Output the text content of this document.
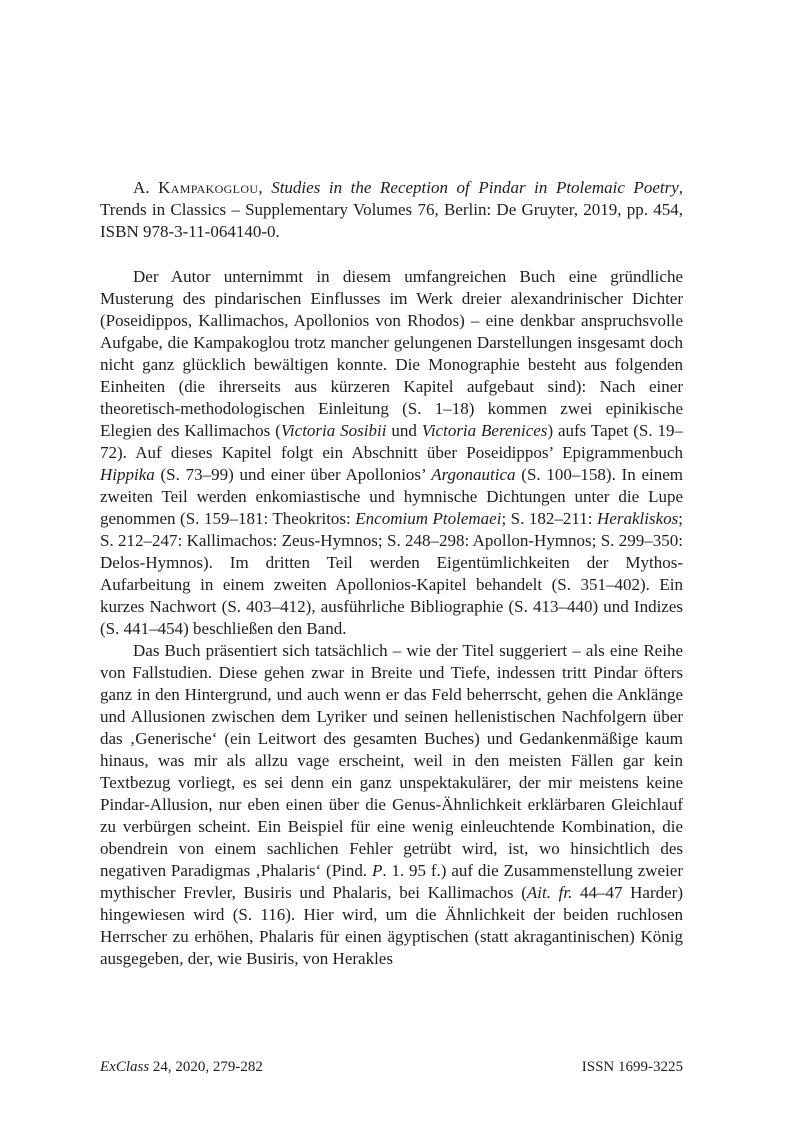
A. Kampakoglou, Studies in the Reception of Pindar in Ptolemaic Poetry, Trends in Classics – Supplementary Volumes 76, Berlin: De Gruyter, 2019, pp. 454, ISBN 978-3-11-064140-0.

Der Autor unternimmt in diesem umfangreichen Buch eine gründliche Musterung des pindarischen Einflusses im Werk dreier alexandrinischer Dichter (Poseidippos, Kallimachos, Apollonios von Rhodos) – eine denkbar anspruchsvolle Aufgabe, die Kampakoglou trotz mancher gelungenen Darstellungen insgesamt doch nicht ganz glücklich bewältigen konnte. Die Monographie besteht aus folgenden Einheiten (die ihrerseits aus kürzeren Kapitel aufgebaut sind): Nach einer theoretisch-methodologischen Einleitung (S. 1–18) kommen zwei epinikische Elegien des Kallimachos (Victoria Sosibii und Victoria Berenices) aufs Tapet (S. 19–72). Auf dieses Kapitel folgt ein Abschnitt über Poseidippos’ Epigrammenbuch Hippika (S. 73–99) und einer über Apollonios’ Argonautica (S. 100–158). In einem zweiten Teil werden enkomiastische und hymnische Dichtungen unter die Lupe genommen (S. 159–181: Theokritos: Encomium Ptolemaei; S. 182–211: Herakliskos; S. 212–247: Kallimachos: Zeus-Hymnos; S. 248–298: Apollon-Hymnos; S. 299–350: Delos-Hymnos). Im dritten Teil werden Eigentümlichkeiten der Mythos-Aufarbeitung in einem zweiten Apollonios-Kapitel behandelt (S. 351–402). Ein kurzes Nachwort (S. 403–412), ausführliche Bibliographie (S. 413–440) und Indizes (S. 441–454) beschließen den Band.

Das Buch präsentiert sich tatsächlich – wie der Titel suggeriert – als eine Reihe von Fallstudien. Diese gehen zwar in Breite und Tiefe, indessen tritt Pindar öfters ganz in den Hintergrund, und auch wenn er das Feld beherrscht, gehen die Anklänge und Allusionen zwischen dem Lyriker und seinen hellenistischen Nachfolgern über das ‚Generische‘ (ein Leitwort des gesamten Buches) und Gedankenmäßige kaum hinaus, was mir als allzu vage erscheint, weil in den meisten Fällen gar kein Textbezug vorliegt, es sei denn ein ganz unspektakulärer, der mir meistens keine Pindar-Allusion, nur eben einen über die Genus-Ähnlichkeit erklärbaren Gleichlauf zu verbürgen scheint. Ein Beispiel für eine wenig einleuchtende Kombination, die obendrein von einem sachlichen Fehler getrübt wird, ist, wo hinsichtlich des negativen Paradigmas ‚Phalaris‘ (Pind. P. 1. 95 f.) auf die Zusammenstellung zweier mythischer Frevler, Busiris und Phalaris, bei Kallimachos (Ait. fr. 44–47 Harder) hingewiesen wird (S. 116). Hier wird, um die Ähnlichkeit der beiden ruchlosen Herrscher zu erhöhen, Phalaris für einen ägyptischen (statt akragantinischen) König ausgegeben, der, wie Busiris, von Herakles

ExClass 24, 2020, 279-282	ISSN 1699-3225
